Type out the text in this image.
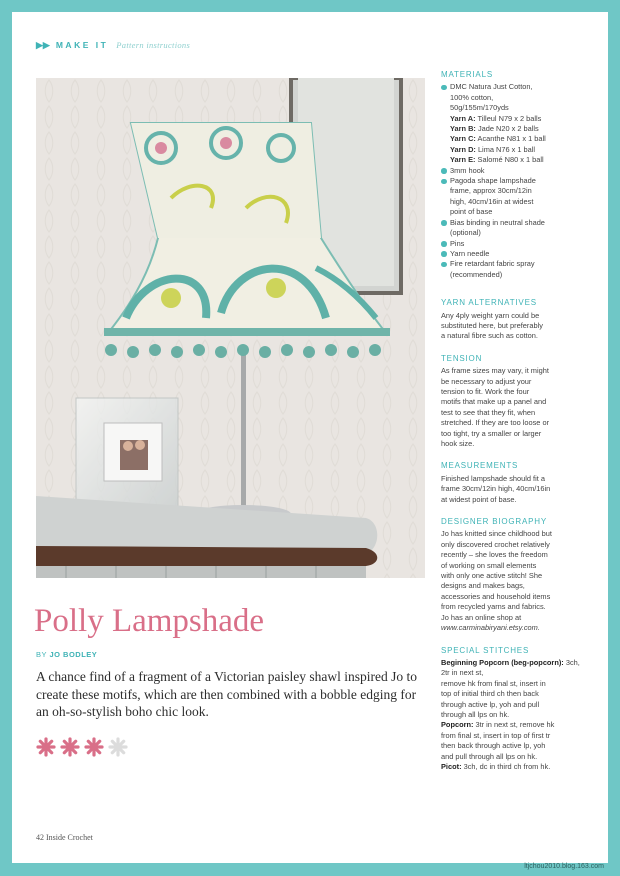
▶▶ MAKE IT Pattern instructions
MATERIALS
DMC Natura Just Cotton,
100% cotton,
50g/155m/170yds
Yarn A: Tilleul N79 x 2 balls
Yarn B: Jade N20 x 2 balls
Yarn C: Acanthe N81 x 1 ball
Yarn D: Lima N76 x 1 ball
Yarn E: Salomé N80 x 1 ball
3mm hook
Pagoda shape lampshade
frame, approx 30cm/12in
high, 40cm/16in at widest
point of base
Bias binding in neutral shade
(optional)
Pins
Yarn needle
Fire retardant fabric spray
(recommended)
YARN ALTERNATIVES

Any 4ply weight yarn could be
substituted here, but preferably
a natural fibre such as cotton.

TENSION

As frame sizes may vary, it might
be necessary to adjust your
tension to fit. Work the four
motifs that make up a panel and
test to see that they fit, when
stretched. If they are too loose or
too tight, try a smaller or larger
hook size.

MEASUREMENTS

Finished lampshade should fit a
frame 30cm/12in high, 40cm/16in
at widest point of base.

DESIGNER BIOGRAPHY

Jo has knitted since childhood but
only discovered crochet relatively
recently – she loves the freedom
of working on small elements
with only one active stitch! She
designs and makes bags,
accessories and household items
from recycled yarns and fabrics.
Jo has an online shop at
www.carminabiryani.etsy.com.

SPECIAL STITCHES

Beginning Popcorn (beg-popcorn): 3ch, 2tr in next st,
remove hk from final st, insert in
top of initial third ch then back
through active lp, yoh and pull
through all lps on hk.

Popcorn: 3tr in next st, remove hk
from final st, insert in top of first tr
then back through active lp, yoh
and pull through all lps on hk.

Picot: 3ch, dc in third ch from hk.

Polly Lampshade
BY JO BODLEY

A chance find of a fragment of a Victorian paisley shawl inspired Jo to create these motifs, which are then combined with a bobble edging for an oh-so-stylish boho chic look.

42 Inside Crochet
ltjchou2010.blog.163.com
